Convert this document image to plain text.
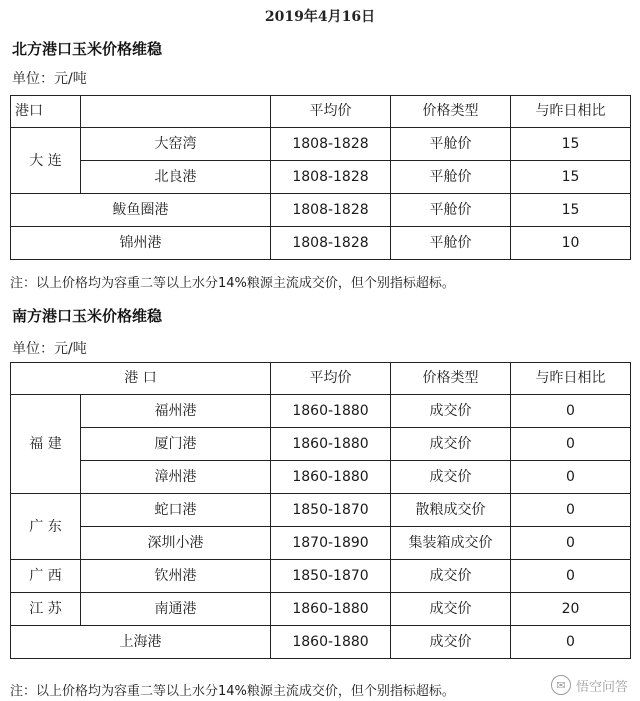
2019年4月16日
北方港口玉米价格维稳
单位：元/吨
港口		平均价	价格类型	与昨日相比
大 连	大窑湾	1808-1828	平舱价	15
	北良港	1808-1828	平舱价	15
鲅鱼圈港		1808-1828	平舱价	15
锦州港		1808-1828	平舱价	10
注：以上价格均为容重二等以上水分14%粮源主流成交价，但个别指标超标。
南方港口玉米价格维稳
单位：元/吨
港 口		平均价	价格类型	与昨日相比
福 建	福州港	1860-1880	成交价	0
	厦门港	1860-1880	成交价	0
	漳州港	1860-1880	成交价	0
广 东	蛇口港	1850-1870	散粮成交价	0
	深圳小港	1870-1890	集装箱成交价	0
广 西	钦州港	1850-1870	成交价	0
江 苏	南通港	1860-1880	成交价	20
上海港		1860-1880	成交价	0
注：以上价格均为容重二等以上水分14%粮源主流成交价，但个别指标超标。	✉ 悟空问答
